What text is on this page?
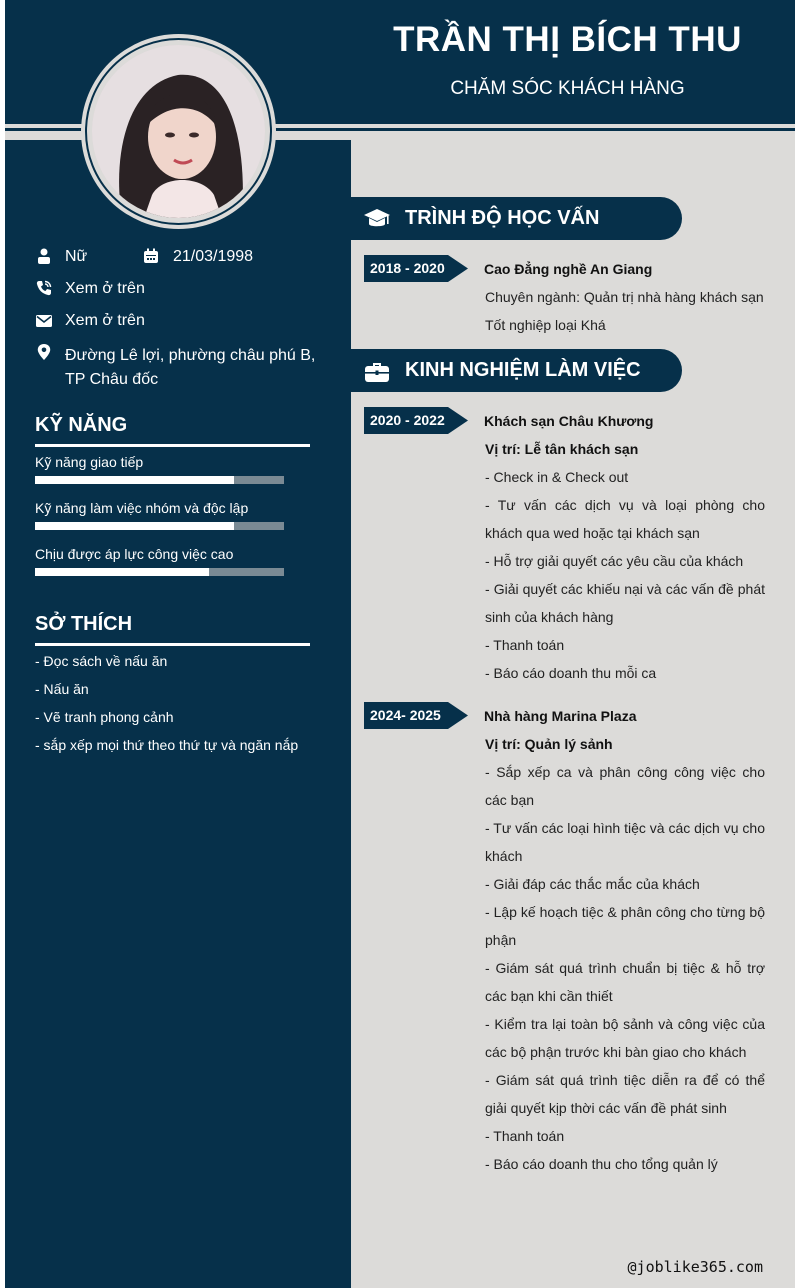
TRẦN THỊ BÍCH THU
CHĂM SÓC KHÁCH HÀNG
Nữ	21/03/1998
Xem ở trên
Xem ở trên
Đường Lê lợi, phường châu phú B, TP Châu đốc
KỸ NĂNG
Kỹ năng giao tiếp
Kỹ năng làm việc nhóm và độc lập
Chịu được áp lực công việc cao
SỞ THÍCH
- Đọc sách về nấu ăn
- Nấu ăn
- Vẽ tranh phong cảnh
- sắp xếp mọi thứ theo thứ tự và ngăn nắp
TRÌNH ĐỘ HỌC VẤN
2018 - 2020	Cao Đẳng nghề An Giang
Chuyên ngành: Quản trị nhà hàng khách sạn
Tốt nghiệp loại Khá
KINH NGHIỆM LÀM VIỆC
2020 - 2022	Khách sạn Châu Khương
Vị trí: Lễ tân khách sạn
- Check in & Check out
- Tư vấn các dịch vụ và loại phòng cho khách qua wed hoặc tại khách sạn
- Hỗ trợ giải quyết các yêu cầu của khách
- Giải quyết các khiếu nại và các vấn đề phát sinh của khách hàng
- Thanh toán
- Báo cáo doanh thu mỗi ca
2024- 2025	Nhà hàng Marina Plaza
Vị trí: Quản lý sảnh
- Sắp xếp ca và phân công công việc cho các bạn
- Tư vấn các loại hình tiệc và các dịch vụ cho khách
- Giải đáp các thắc mắc của khách
- Lập kế hoạch tiệc & phân công cho từng bộ phận
- Giám sát quá trình chuẩn bị tiệc & hỗ trợ các bạn khi cần thiết
- Kiểm tra lại toàn bộ sảnh và công việc của các bộ phận trước khi bàn giao cho khách
- Giám sát quá trình tiệc diễn ra để có thể giải quyết kịp thời các vấn đề phát sinh
- Thanh toán
- Báo cáo doanh thu cho tổng quản lý
@joblike365.com
